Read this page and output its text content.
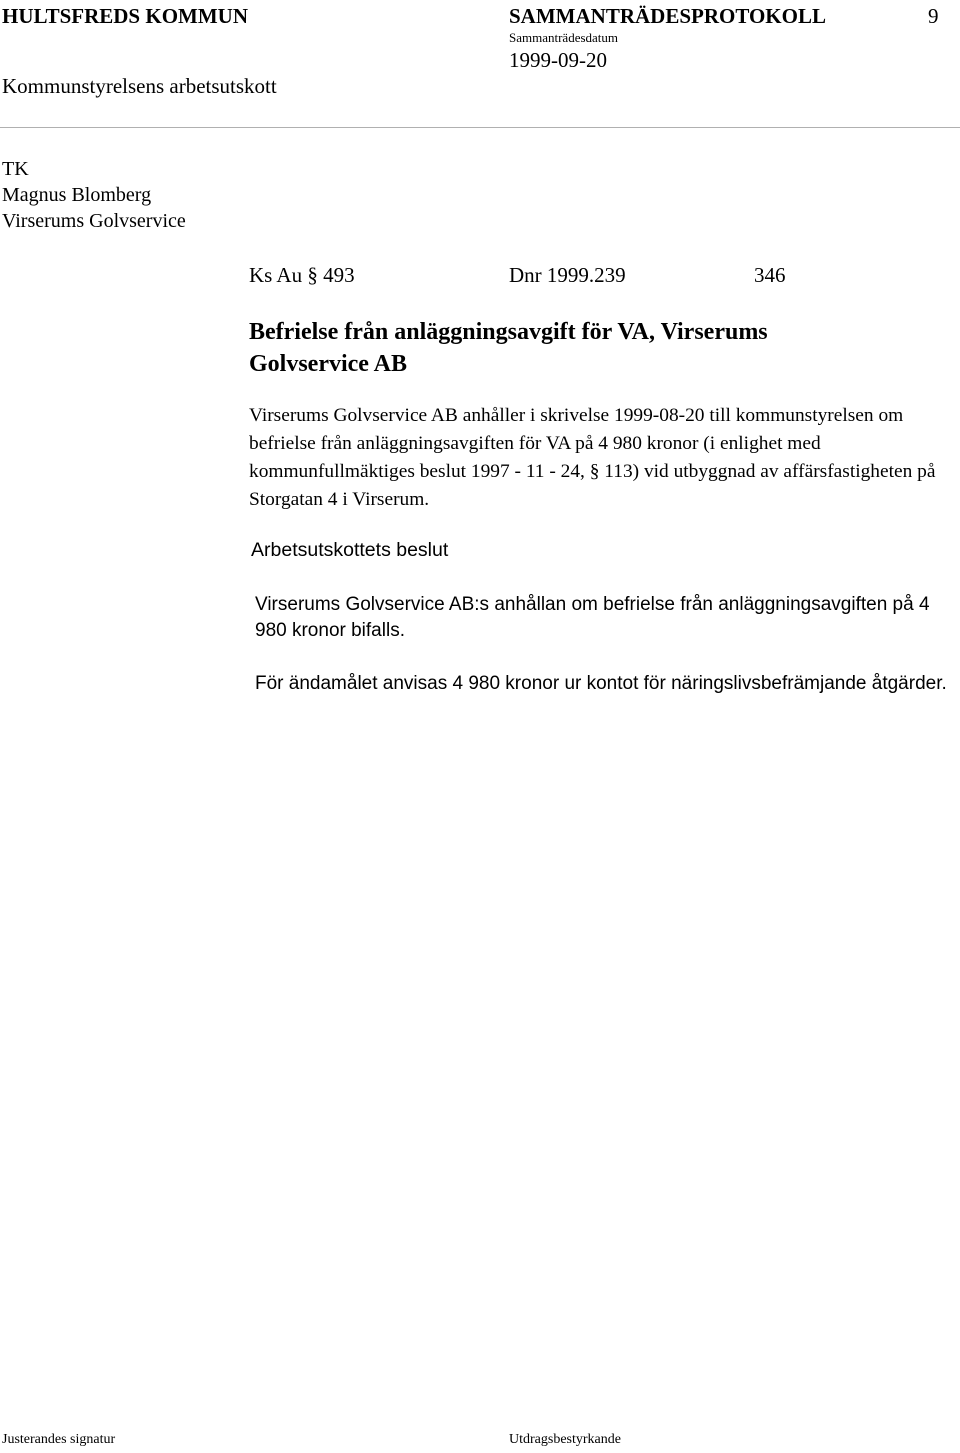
HULTSFREDS KOMMUN	SAMMANTRÄDESPROTOKOLL	9
Sammanträdesdatum
1999-09-20
Kommunstyrelsens arbetsutskott
TK
Magnus Blomberg
Virserums Golvservice
Ks Au § 493	Dnr 1999.239	346
Befrielse från anläggningsavgift för VA, Virserums Golvservice AB
Virserums Golvservice AB anhåller i skrivelse 1999-08-20 till kommunstyrelsen om befrielse från anläggningsavgiften för VA på 4 980 kronor (i enlighet med kommunfullmäktiges beslut 1997 - 11 - 24, § 113) vid utbyggnad av affärsfastigheten på Storgatan 4 i Virserum.
Arbetsutskottets beslut
Virserums Golvservice AB:s anhållan om befrielse från anläggningsavgiften på 4 980 kronor bifalls.
För ändamålet anvisas 4 980 kronor ur kontot för näringslivsbefrämjande åtgärder.
Justerandes signatur	Utdragsbestyrkande
